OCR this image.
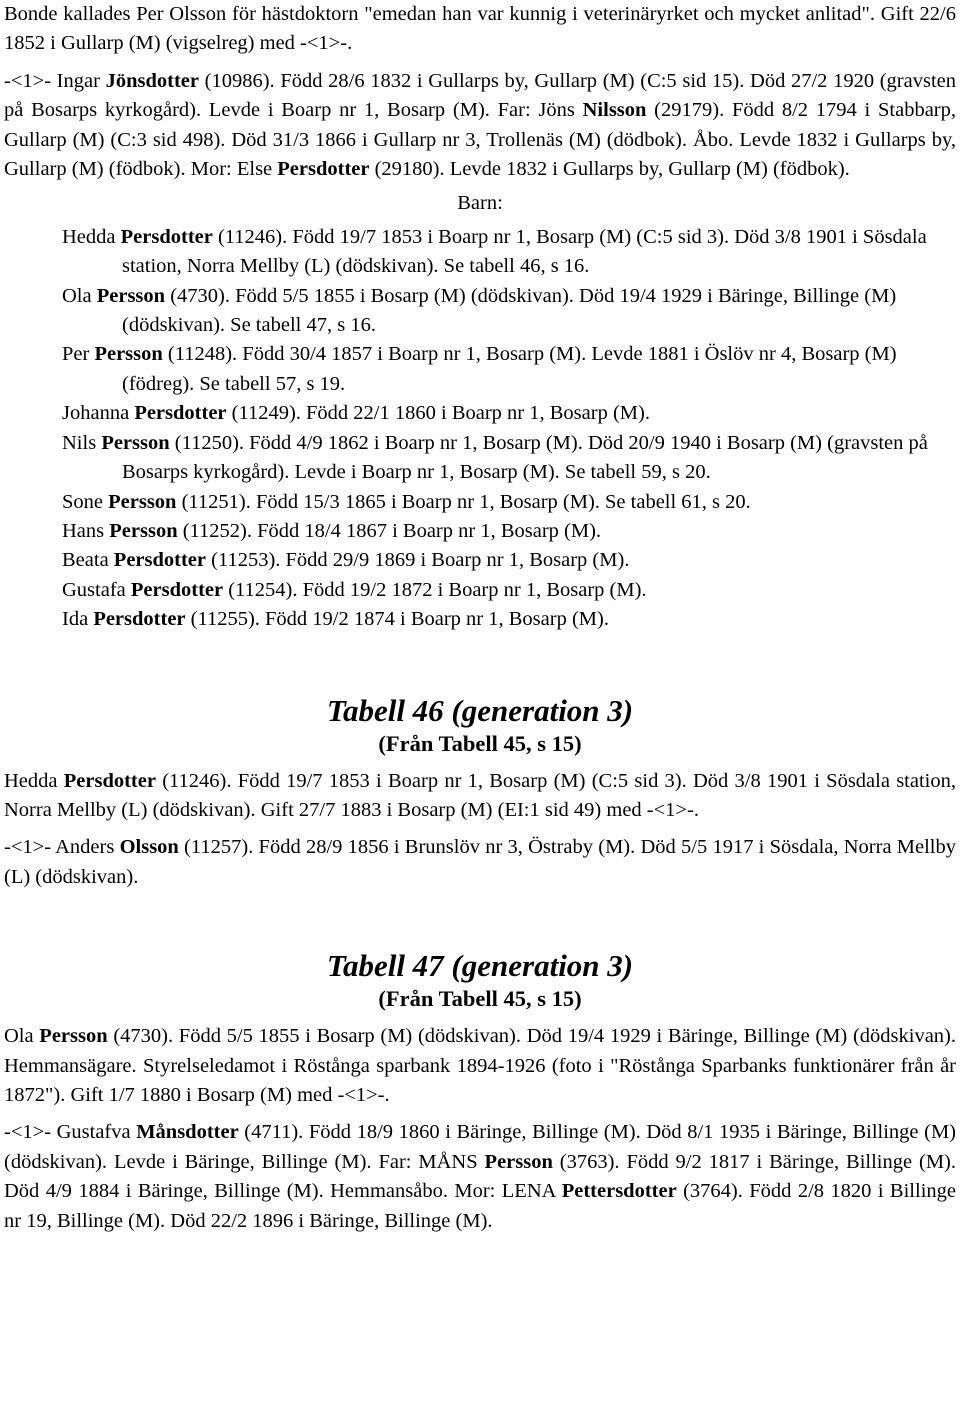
Bonde kallades Per Olsson för hästdoktorn "emedan han var kunnig i veterinäryrket och mycket anlitad". Gift 22/6 1852 i Gullarp (M) (vigselreg) med -<1>-.

-<1>- Ingar Jönsdotter (10986). Född 28/6 1832 i Gullarps by, Gullarp (M) (C:5 sid 15). Död 27/2 1920 (gravsten på Bosarps kyrkogård). Levde i Boarp nr 1, Bosarp (M). Far: Jöns Nilsson (29179). Född 8/2 1794 i Stabbarp, Gullarp (M) (C:3 sid 498). Död 31/3 1866 i Gullarp nr 3, Trollenäs (M) (dödbok). Åbo. Levde 1832 i Gullarps by, Gullarp (M) (födbok). Mor: Else Persdotter (29180). Levde 1832 i Gullarps by, Gullarp (M) (födbok).

Barn:

Hedda Persdotter (11246). Född 19/7 1853 i Boarp nr 1, Bosarp (M) (C:5 sid 3). Död 3/8 1901 i Sösdala station, Norra Mellby (L) (dödskivan). Se tabell 46, s 16.

Ola Persson (4730). Född 5/5 1855 i Bosarp (M) (dödskivan). Död 19/4 1929 i Bäringe, Billinge (M) (dödskivan). Se tabell 47, s 16.

Per Persson (11248). Född 30/4 1857 i Boarp nr 1, Bosarp (M). Levde 1881 i Öslöv nr 4, Bosarp (M) (födreg). Se tabell 57, s 19.

Johanna Persdotter (11249). Född 22/1 1860 i Boarp nr 1, Bosarp (M).

Nils Persson (11250). Född 4/9 1862 i Boarp nr 1, Bosarp (M). Död 20/9 1940 i Bosarp (M) (gravsten på Bosarps kyrkogård). Levde i Boarp nr 1, Bosarp (M). Se tabell 59, s 20.

Sone Persson (11251). Född 15/3 1865 i Boarp nr 1, Bosarp (M). Se tabell 61, s 20.

Hans Persson (11252). Född 18/4 1867 i Boarp nr 1, Bosarp (M).

Beata Persdotter (11253). Född 29/9 1869 i Boarp nr 1, Bosarp (M).

Gustafa Persdotter (11254). Född 19/2 1872 i Boarp nr 1, Bosarp (M).

Ida Persdotter (11255). Född 19/2 1874 i Boarp nr 1, Bosarp (M).

Tabell 46 (generation 3)

(Från Tabell 45, s 15)

Hedda Persdotter (11246). Född 19/7 1853 i Boarp nr 1, Bosarp (M) (C:5 sid 3). Död 3/8 1901 i Sösdala station, Norra Mellby (L) (dödskivan). Gift 27/7 1883 i Bosarp (M) (EI:1 sid 49) med -<1>-.

-<1>- Anders Olsson (11257). Född 28/9 1856 i Brunslöv nr 3, Östraby (M). Död 5/5 1917 i Sösdala, Norra Mellby (L) (dödskivan).

Tabell 47 (generation 3)

(Från Tabell 45, s 15)

Ola Persson (4730). Född 5/5 1855 i Bosarp (M) (dödskivan). Död 19/4 1929 i Bäringe, Billinge (M) (dödskivan). Hemmansägare. Styrelseledamot i Röstånga sparbank 1894-1926 (foto i "Röstånga Sparbanks funktionärer från år 1872"). Gift 1/7 1880 i Bosarp (M) med -<1>-.

-<1>- Gustafva Månsdotter (4711). Född 18/9 1860 i Bäringe, Billinge (M). Död 8/1 1935 i Bäringe, Billinge (M) (dödskivan). Levde i Bäringe, Billinge (M). Far: MÅNS Persson (3763). Född 9/2 1817 i Bäringe, Billinge (M). Död 4/9 1884 i Bäringe, Billinge (M). Hemmansåbo. Mor: LENA Pettersdotter (3764). Född 2/8 1820 i Billinge nr 19, Billinge (M). Död 22/2 1896 i Bäringe, Billinge (M).
